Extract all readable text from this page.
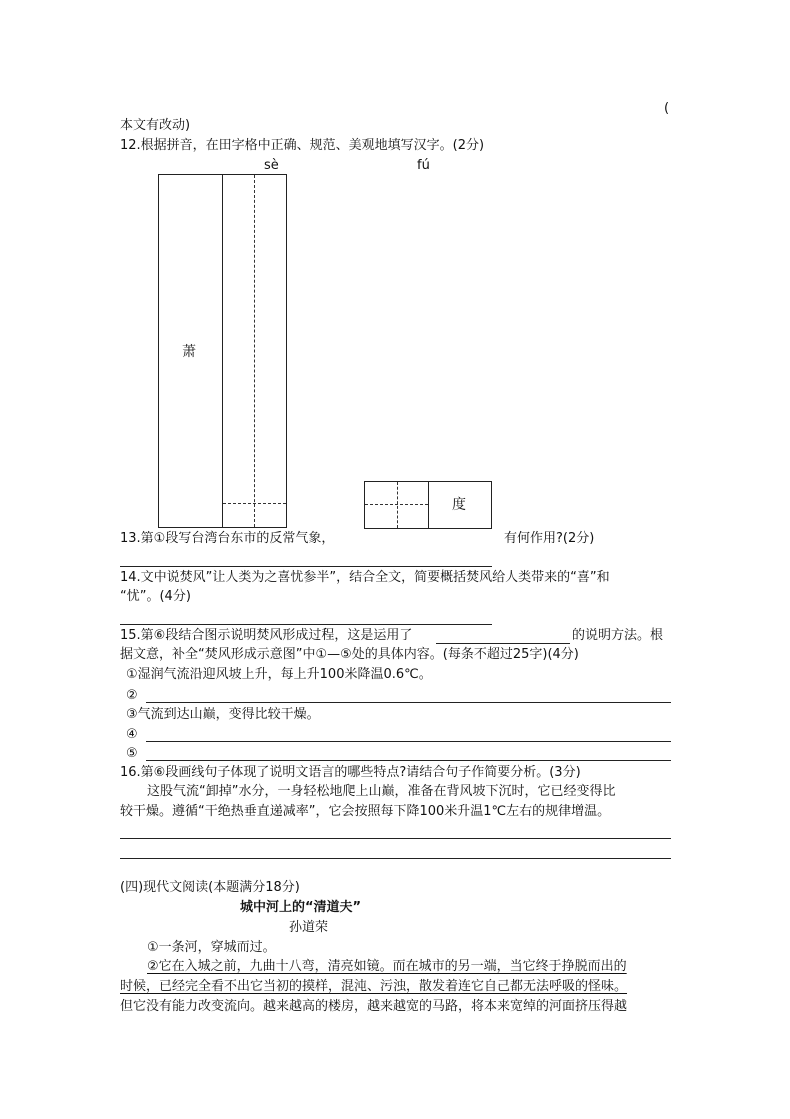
(
本文有改动)
12.根据拼音，在田字格中正确、规范、美观地填写汉字。(2分)
sè	fú
萧
度
13.第①段写台湾台东市的反常气象，	有何作用?(2分)
14.文中说焚风”让人类为之喜忧参半”，结合全文，简要概括焚风给人类带来的“喜”和
“忧”。(4分)
15.第⑥段结合图示说明焚风形成过程，这是运用了	的说明方法。根
据文意，补全“焚风形成示意图”中①—⑤处的具体内容。(每条不超过25字)(4分)
①湿润气流沿迎风坡上升，每上升100米降温0.6℃。
②
③气流到达山巅，变得比较干燥。
④
⑤
16.第⑥段画线句子体现了说明文语言的哪些特点?请结合句子作简要分析。(3分)
这股气流“卸掉”水分，一身轻松地爬上山巅，准备在背风坡下沉时，它已经变得比
较干燥。遵循“干绝热垂直递减率”，它会按照每下降100米升温1℃左右的规律增温。
(四)现代文阅读(本题满分18分)
城中河上的“清道夫”
孙道荣
①一条河，穿城而过。
②它在入城之前，九曲十八弯，清亮如镜。而在城市的另一端，当它终于挣脱而出的
时候，已经完全看不出它当初的摸样，混沌、污浊，散发着连它自己都无法呼吸的怪味。
但它没有能力改变流向。越来越高的楼房，越来越宽的马路，将本来宽绰的河面挤压得越
